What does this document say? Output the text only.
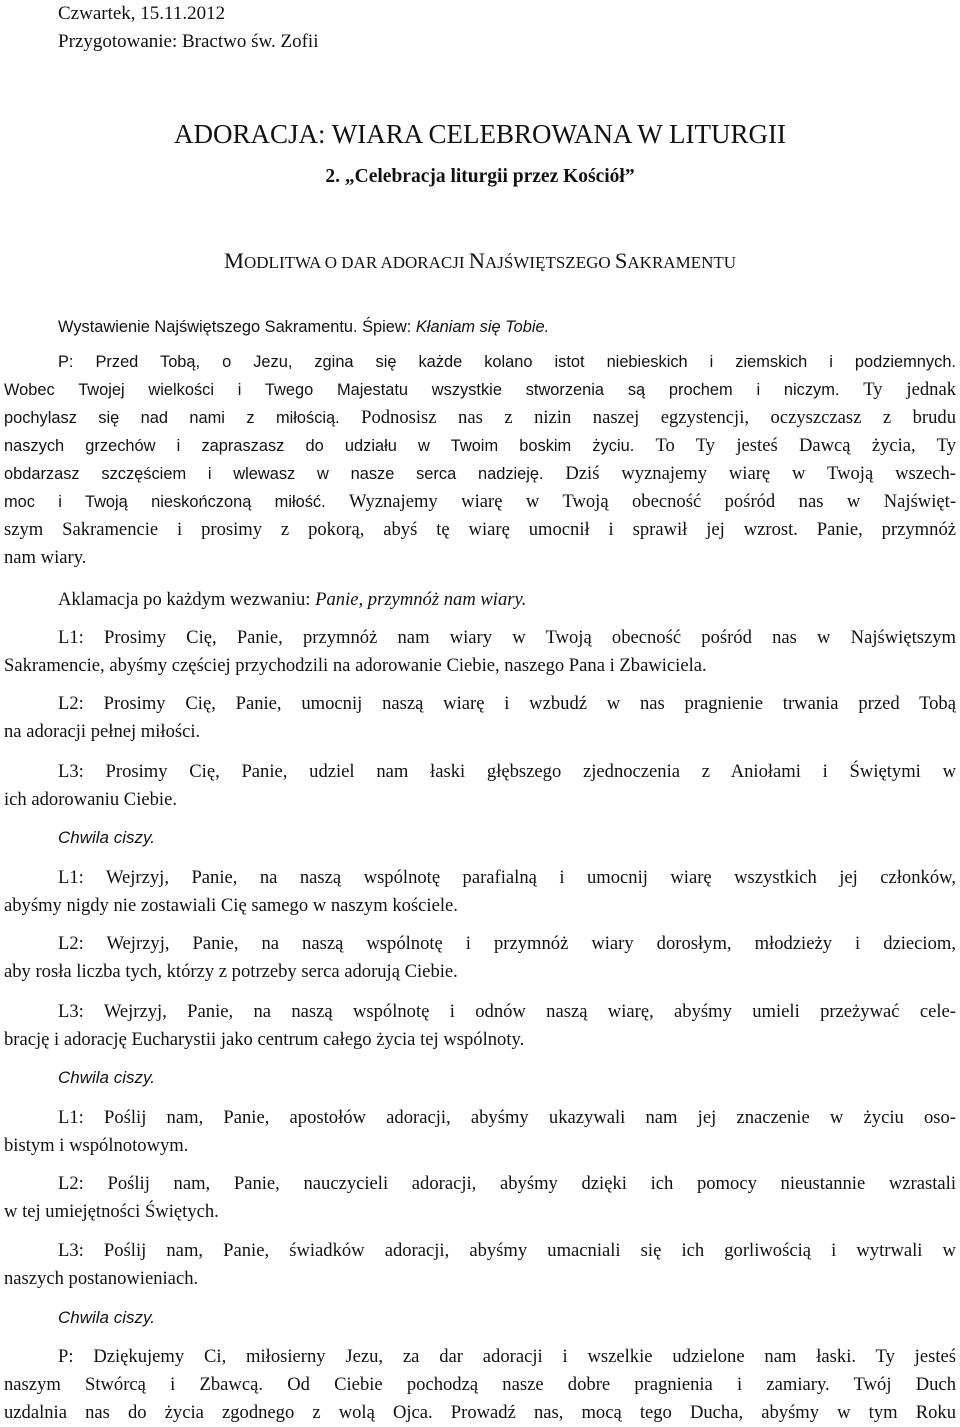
Czwartek, 15.11.2012
Przygotowanie: Bractwo św. Zofii
ADORACJA: WIARA CELEBROWANA W LITURGII
2. „Celebracja liturgii przez Kościół”
MODLITWA O DAR ADORACJI NAJŚWIĘTSZEGO SAKRAMENTU
Wystawienie Najświętszego Sakramentu. Śpiew: Kłaniam się Tobie.
P: Przed Tobą, o Jezu, zgina się każde kolano istot niebieskich i ziemskich i podziemnych.
Wobec Twojej wielkości i Twego Majestatu wszystkie stworzenia są prochem i niczym. Ty jednak
pochylasz się nad nami z miłością. Podnosisz nas z nizin naszej egzystencji, oczyszczasz z brudu
naszych grzechów i zapraszasz do udziału w Twoim boskim życiu. To Ty jesteś Dawcą życia, Ty
obdarzasz szczęściem i wlewasz w nasze serca nadzieję. Dziś wyznajemy wiarę w Twoją wszech-
moc i Twoją nieskończoną miłość. Wyznajemy wiarę w Twoją obecność pośród nas w Najświęt-
szym Sakramencie i prosimy z pokorą, abyś tę wiarę umocnił i sprawił jej wzrost. Panie, przymnóż
nam wiary.
Aklamacja po każdym wezwaniu: Panie, przymnóż nam wiary.
L1: Prosimy Cię, Panie, przymnóż nam wiary w Twoją obecność pośród nas w Najświętszym
Sakramencie, abyśmy częściej przychodzili na adorowanie Ciebie, naszego Pana i Zbawiciela.
L2: Prosimy Cię, Panie, umocnij naszą wiarę i wzbudź w nas pragnienie trwania przed Tobą
na adoracji pełnej miłości.
L3: Prosimy Cię, Panie, udziel nam łaski głębszego zjednoczenia z Aniołami i Świętymi w
ich adorowaniu Ciebie.
Chwila ciszy.
L1: Wejrzyj, Panie, na naszą wspólnotę parafialną i umocnij wiarę wszystkich jej członków,
abyśmy nigdy nie zostawiali Cię samego w naszym kościele.
L2: Wejrzyj, Panie, na naszą wspólnotę i przymnóż wiary dorosłym, młodzieży i dzieciom,
aby rosła liczba tych, którzy z potrzeby serca adorują Ciebie.
L3: Wejrzyj, Panie, na naszą wspólnotę i odnów naszą wiarę, abyśmy umieli przeżywać cele-
brację i adorację Eucharystii jako centrum całego życia tej wspólnoty.
Chwila ciszy.
L1: Poślij nam, Panie, apostołów adoracji, abyśmy ukazywali nam jej znaczenie w życiu oso-
bistym i wspólnotowym.
L2: Poślij nam, Panie, nauczycieli adoracji, abyśmy dzięki ich pomocy nieustannie wzrastali
w tej umiejętności Świętych.
L3: Poślij nam, Panie, świadków adoracji, abyśmy umacniali się ich gorliwością i wytrwali w
naszych postanowieniach.
Chwila ciszy.
P: Dziękujemy Ci, miłosierny Jezu, za dar adoracji i wszelkie udzielone nam łaski. Ty jesteś
naszym Stwórcą i Zbawcą. Od Ciebie pochodzą nasze dobre pragnienia i zamiary. Twój Duch
uzdalnia nas do życia zgodnego z wolą Ojca. Prowadź nas, mocą tego Ducha, abyśmy w tym Roku
